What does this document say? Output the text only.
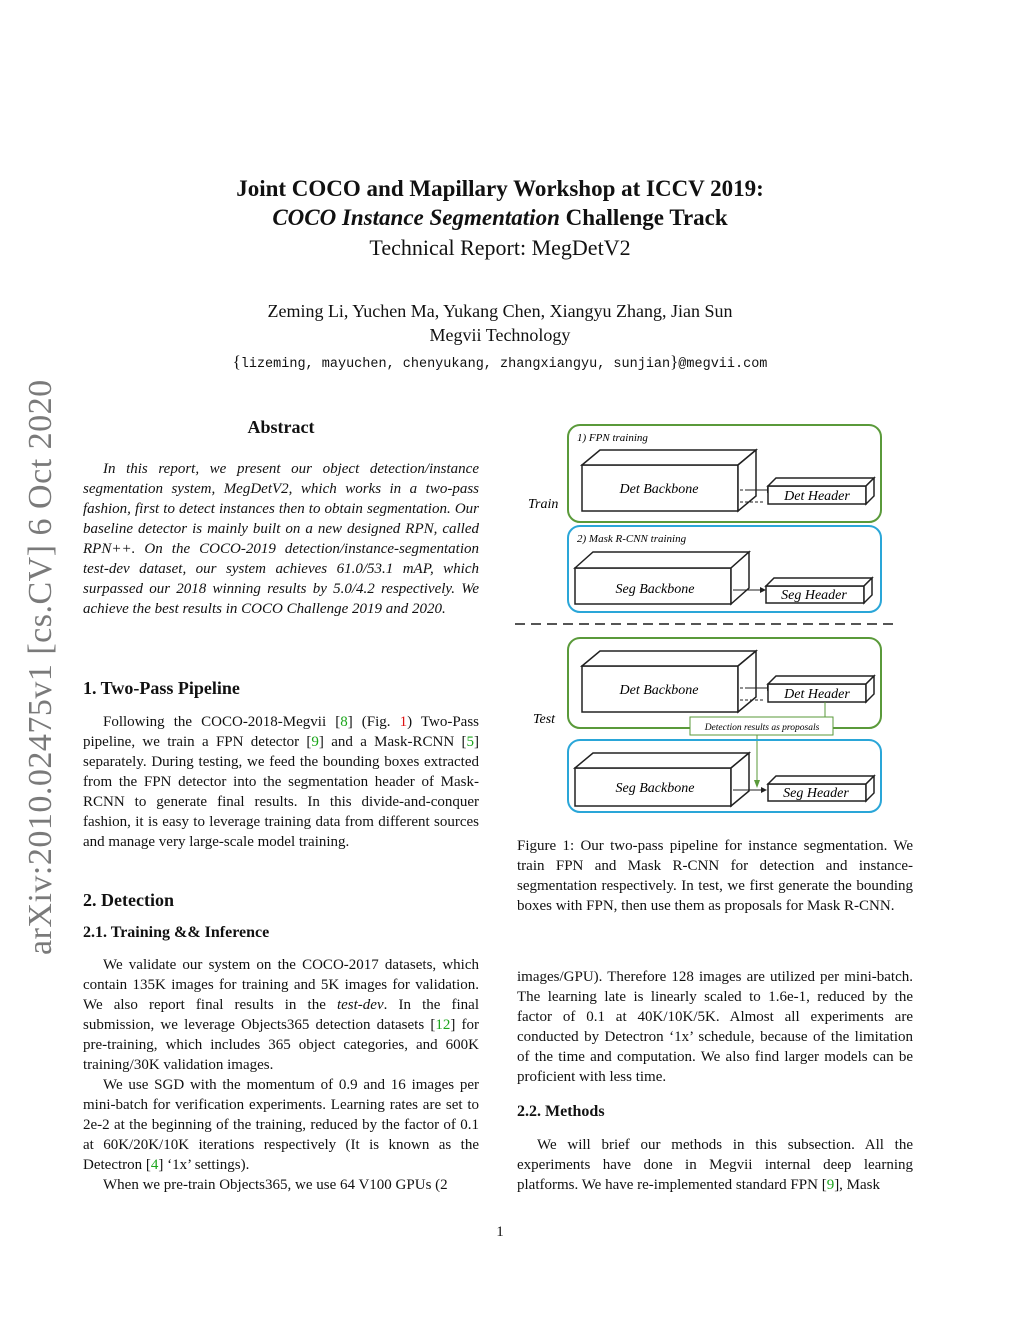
Joint COCO and Mapillary Workshop at ICCV 2019:
COCO Instance Segmentation Challenge Track
Technical Report: MegDetV2
Zeming Li, Yuchen Ma, Yukang Chen, Xiangyu Zhang, Jian Sun
Megvii Technology
{lizeming, mayuchen, chenyukang, zhangxiangyu, sunjian}@megvii.com
arXiv:2010.02475v1 [cs.CV] 6 Oct 2020	Abstract
In this report, we present our object detection/instance segmentation system, MegDetV2, which works in a two-pass fashion, first to detect instances then to obtain segmentation. Our baseline detector is mainly built on a new designed RPN, called RPN++. On the COCO-2019 detection/instance-segmentation test-dev dataset, our system achieves 61.0/53.1 mAP, which surpassed our 2018 winning results by 5.0/4.2 respectively. We achieve the best results in COCO Challenge 2019 and 2020.
1. Two-Pass Pipeline

Following the COCO-2018-Megvii [8] (Fig. 1) Two-Pass pipeline, we train a FPN detector [9] and a Mask-RCNN [5] separately. During testing, we feed the bounding boxes extracted from the FPN detector into the segmentation header of Mask-RCNN to generate final results. In this divide-and-conquer fashion, it is easy to leverage training data from different sources and manage very large-scale model training.

2. Detection
2.1. Training && Inference

We validate our system on the COCO-2017 datasets, which contain 135K images for training and 5K images for validation. We also report final results in the test-dev. In the final submission, we leverage Objects365 detection datasets [12] for pre-training, which includes 365 object categories, and 600K training/30K validation images.

We use SGD with the momentum of 0.9 and 16 images per mini-batch for verification experiments. Learning rates are set to 2e-2 at the beginning of the training, reduced by the factor of 0.1 at 60K/20K/10K iterations respectively (It is known as the Detectron [4] ‘1x’ settings).

When we pre-train Objects365, we use 64 V100 GPUs (2

1) FPN training
Det Backbone	Det Header
Train
2) Mask R-CNN training
Seg Backbone	Seg Header
Det Backbone	Det Header
Test
Detection results as proposals
Seg Backbone	Seg Header
Figure 1: Our two-pass pipeline for instance segmentation. We train FPN and Mask R-CNN for detection and instance-segmentation respectively. In test, we first generate the bounding boxes with FPN, then use them as proposals for Mask R-CNN.

images/GPU). Therefore 128 images are utilized per mini-batch. The learning late is linearly scaled to 1.6e-1, reduced by the factor of 0.1 at 40K/10K/5K. Almost all experiments are conducted by Detectron ‘1x’ schedule, because of the limitation of the time and computation. We also find larger models can be proficient with less time.

2.2. Methods

We will brief our methods in this subsection. All the experiments have done in Megvii internal deep learning platforms. We have re-implemented standard FPN [9], Mask

1
